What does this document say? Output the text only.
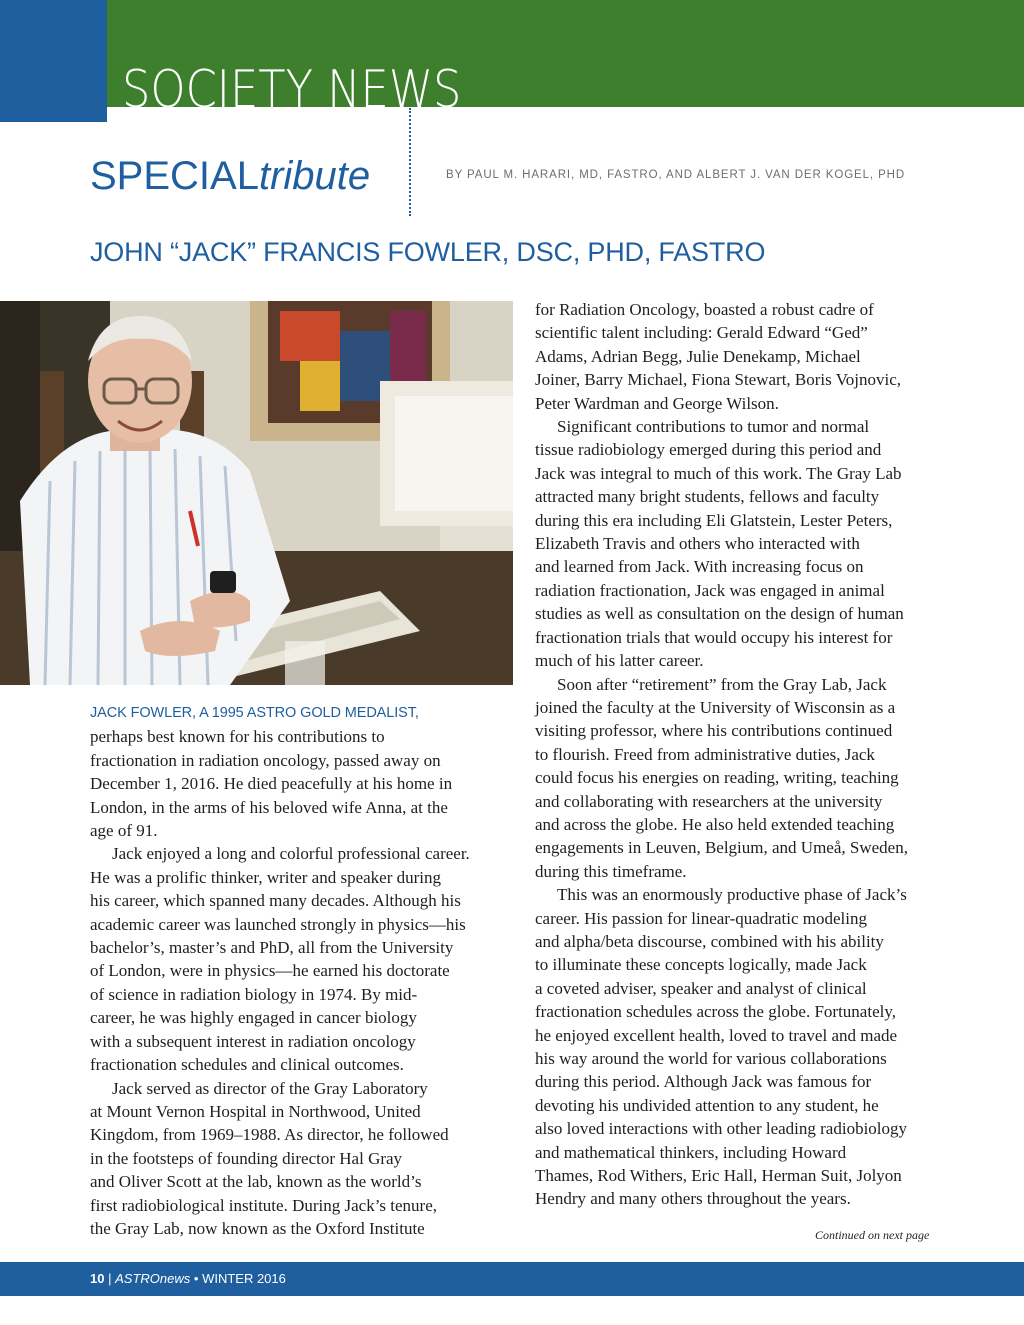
SOCIETY NEWS
SPECIALtribute	BY PAUL M. HARARI, MD, FASTRO, AND ALBERT J. VAN DER KOGEL, PHD
JOHN “JACK” FRANCIS FOWLER, DSC, PHD, FASTRO

JACK FOWLER, A 1995 ASTRO GOLD MEDALIST,

perhaps best known for his contributions to

fractionation in radiation oncology, passed away on

December 1, 2016. He died peacefully at his home in

London, in the arms of his beloved wife Anna, at the

age of 91.

Jack enjoyed a long and colorful professional career.

He was a prolific thinker, writer and speaker during

his career, which spanned many decades. Although his

academic career was launched strongly in physics—his

bachelor’s, master’s and PhD, all from the University

of London, were in physics—he earned his doctorate

of science in radiation biology in 1974. By mid-

career, he was highly engaged in cancer biology

with a subsequent interest in radiation oncology

fractionation schedules and clinical outcomes.

Jack served as director of the Gray Laboratory

at Mount Vernon Hospital in Northwood, United

Kingdom, from 1969–1988. As director, he followed

in the footsteps of founding director Hal Gray

and Oliver Scott at the lab, known as the world’s

first radiobiological institute. During Jack’s tenure,

the Gray Lab, now known as the Oxford Institute

for Radiation Oncology, boasted a robust cadre of

scientific talent including: Gerald Edward “Ged”

Adams, Adrian Begg, Julie Denekamp, Michael

Joiner, Barry Michael, Fiona Stewart, Boris Vojnovic,

Peter Wardman and George Wilson.

Significant contributions to tumor and normal

tissue radiobiology emerged during this period and

Jack was integral to much of this work. The Gray Lab

attracted many bright students, fellows and faculty

during this era including Eli Glatstein, Lester Peters,

Elizabeth Travis and others who interacted with

and learned from Jack. With increasing focus on

radiation fractionation, Jack was engaged in animal

studies as well as consultation on the design of human

fractionation trials that would occupy his interest for

much of his latter career.

Soon after “retirement” from the Gray Lab, Jack

joined the faculty at the University of Wisconsin as a

visiting professor, where his contributions continued

to flourish. Freed from administrative duties, Jack

could focus his energies on reading, writing, teaching

and collaborating with researchers at the university

and across the globe. He also held extended teaching

engagements in Leuven, Belgium, and Umeå, Sweden,

during this timeframe.

This was an enormously productive phase of Jack’s

career. His passion for linear-quadratic modeling

and alpha/beta discourse, combined with his ability

to illuminate these concepts logically, made Jack

a coveted adviser, speaker and analyst of clinical

fractionation schedules across the globe. Fortunately,

he enjoyed excellent health, loved to travel and made

his way around the world for various collaborations

during this period. Although Jack was famous for

devoting his undivided attention to any student, he

also loved interactions with other leading radiobiology

and mathematical thinkers, including Howard

Thames, Rod Withers, Eric Hall, Herman Suit, Jolyon

Hendry and many others throughout the years.

Continued on next page
10 | ASTROnews • WINTER 2016
